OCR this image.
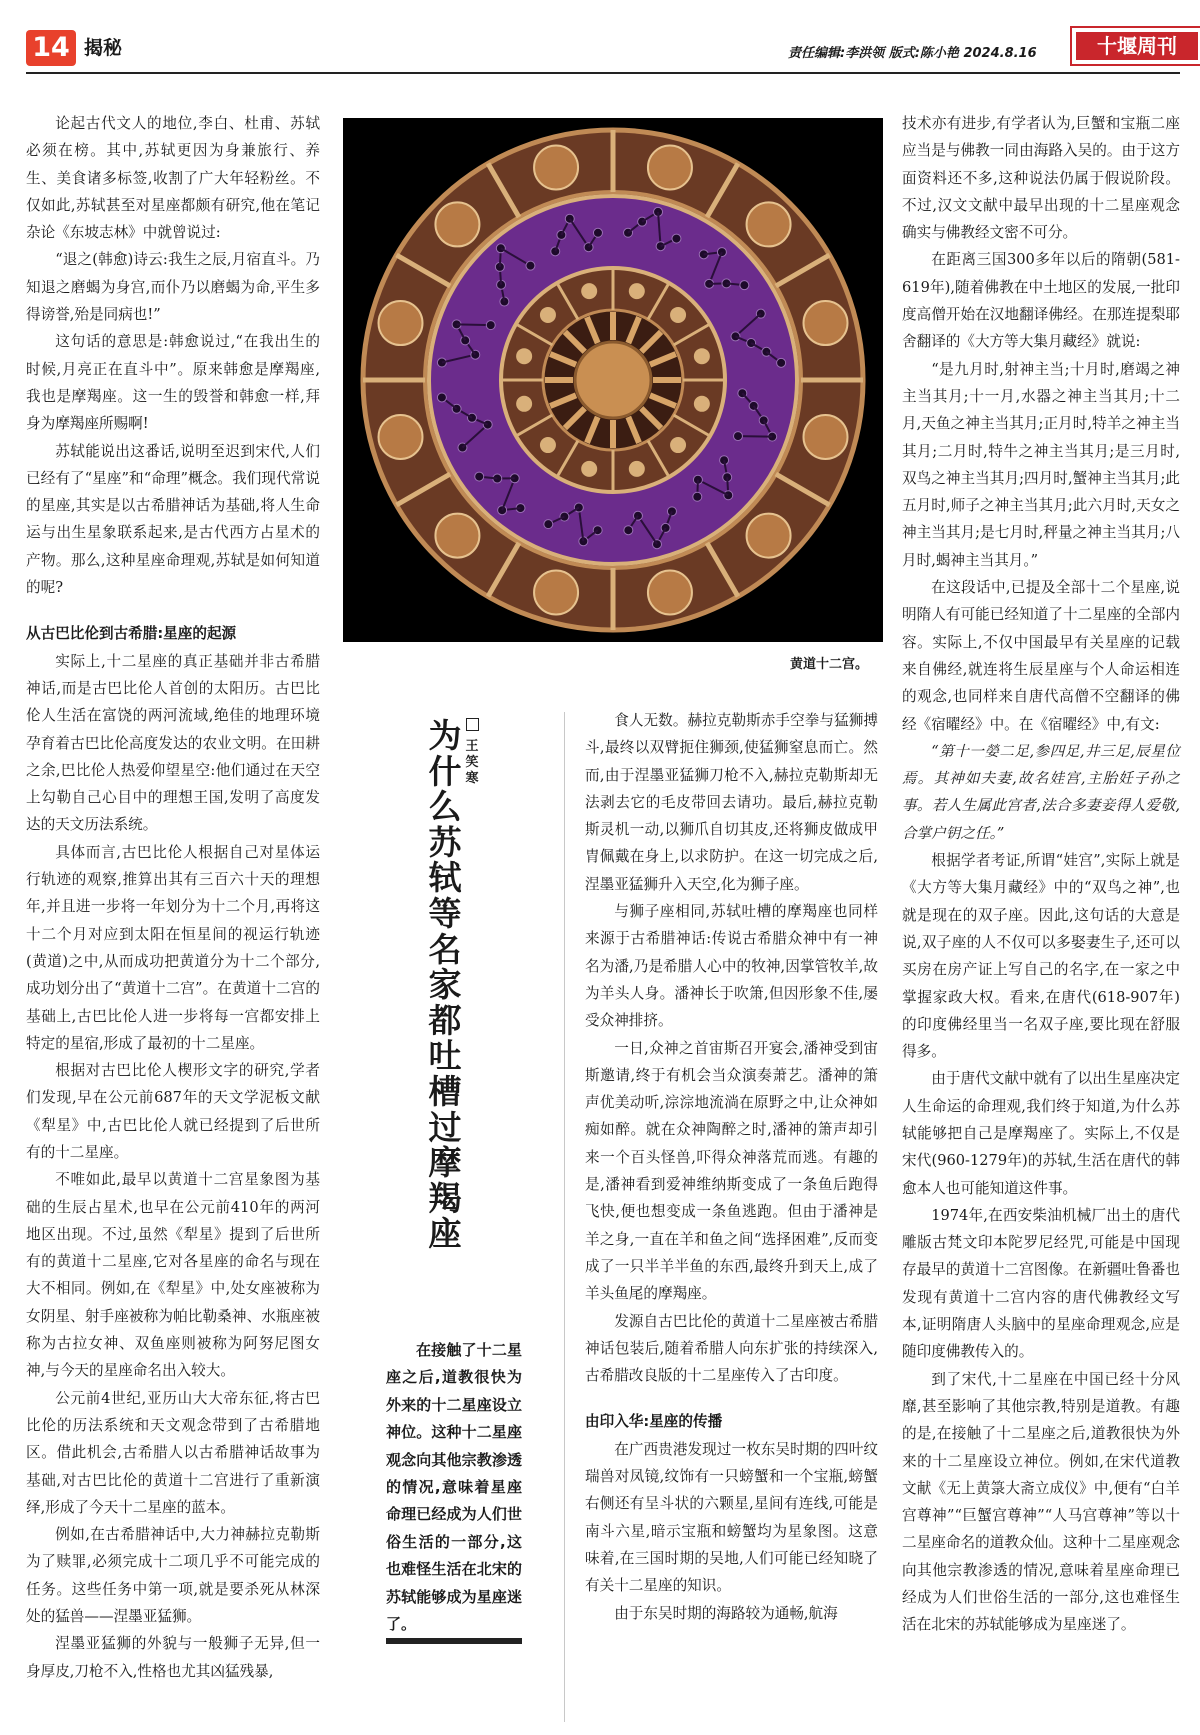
14 揭秘	责任编辑:李洪领 版式:陈小艳 2024.8.16	十堰周刊

论起古代文人的地位,李白、杜甫、苏轼必须在榜。其中,苏轼更因为身兼旅行、养生、美食诸多标签,收割了广大年轻粉丝。不仅如此,苏轼甚至对星座都颇有研究,他在笔记杂论《东坡志林》中就曾说过:

“退之(韩愈)诗云:我生之辰,月宿直斗。乃知退之磨蝎为身宫,而仆乃以磨蝎为命,平生多得谤誉,殆是同病也!”

这句话的意思是:韩愈说过,“在我出生的时候,月亮正在直斗中”。原来韩愈是摩羯座,我也是摩羯座。这一生的毁誉和韩愈一样,拜身为摩羯座所赐啊!

苏轼能说出这番话,说明至迟到宋代,人们已经有了“星座”和“命理”概念。我们现代常说的星座,其实是以古希腊神话为基础,将人生命运与出生星象联系起来,是古代西方占星术的产物。那么,这种星座命理观,苏轼是如何知道的呢?

从古巴比伦到古希腊:星座的起源

实际上,十二星座的真正基础并非古希腊神话,而是古巴比伦人首创的太阳历。古巴比伦人生活在富饶的两河流域,绝佳的地理环境孕育着古巴比伦高度发达的农业文明。在田耕之余,巴比伦人热爱仰望星空:他们通过在天空上勾勒自己心目中的理想王国,发明了高度发达的天文历法系统。

具体而言,古巴比伦人根据自己对星体运行轨迹的观察,推算出其有三百六十天的理想年,并且进一步将一年划分为十二个月,再将这十二个月对应到太阳在恒星间的视运行轨迹(黄道)之中,从而成功把黄道分为十二个部分,成功划分出了“黄道十二宫”。在黄道十二宫的基础上,古巴比伦人进一步将每一宫都安排上特定的星宿,形成了最初的十二星座。

根据对古巴比伦人楔形文字的研究,学者们发现,早在公元前687年的天文学泥板文献《犁星》中,古巴比伦人就已经提到了后世所有的十二星座。

不唯如此,最早以黄道十二宫星象图为基础的生辰占星术,也早在公元前410年的两河地区出现。不过,虽然《犁星》提到了后世所有的黄道十二星座,它对各星座的命名与现在大不相同。例如,在《犁星》中,处女座被称为女阴星、射手座被称为帕比勒桑神、水瓶座被称为古拉女神、双鱼座则被称为阿努尼图女神,与今天的星座命名出入较大。

公元前4世纪,亚历山大大帝东征,将古巴比伦的历法系统和天文观念带到了古希腊地区。借此机会,古希腊人以古希腊神话故事为基础,对古巴比伦的黄道十二宫进行了重新演绎,形成了今天十二星座的蓝本。

例如,在古希腊神话中,大力神赫拉克勒斯为了赎罪,必须完成十二项几乎不可能完成的任务。这些任务中第一项,就是要杀死从林深处的猛兽——涅墨亚猛狮。

涅墨亚猛狮的外貌与一般狮子无异,但一身厚皮,刀枪不入,性格也尤其凶猛残暴,

黄道十二宫。
为
什
么
苏
轼
等
名
家
都
吐
槽
过
摩
羯
座
王 笑 寒

在接触了十二星座之后,道教很快为外来的十二星座设立神位。这种十二星座观念向其他宗教渗透的情况,意味着星座命理已经成为人们世俗生活的一部分,这也难怪生活在北宋的苏轼能够成为星座迷了。

食人无数。赫拉克勒斯赤手空拳与猛狮搏斗,最终以双臂扼住狮颈,使猛狮窒息而亡。然而,由于涅墨亚猛狮刀枪不入,赫拉克勒斯却无法剥去它的毛皮带回去请功。最后,赫拉克勒斯灵机一动,以狮爪自切其皮,还将狮皮做成甲胄佩戴在身上,以求防护。在这一切完成之后,涅墨亚猛狮升入天空,化为狮子座。

与狮子座相同,苏轼吐槽的摩羯座也同样来源于古希腊神话:传说古希腊众神中有一神名为潘,乃是希腊人心中的牧神,因掌管牧羊,故为羊头人身。潘神长于吹箫,但因形象不佳,屡受众神排挤。

一日,众神之首宙斯召开宴会,潘神受到宙斯邀请,终于有机会当众演奏萧艺。潘神的箫声优美动听,淙淙地流淌在原野之中,让众神如痴如醉。就在众神陶醉之时,潘神的箫声却引来一个百头怪兽,吓得众神落荒而逃。有趣的是,潘神看到爱神维纳斯变成了一条鱼后跑得飞快,便也想变成一条鱼逃跑。但由于潘神是羊之身,一直在羊和鱼之间“选择困难”,反而变成了一只半羊半鱼的东西,最终升到天上,成了羊头鱼尾的摩羯座。

发源自古巴比伦的黄道十二星座被古希腊神话包装后,随着希腊人向东扩张的持续深入,古希腊改良版的十二星座传入了古印度。

由印入华:星座的传播

在广西贵港发现过一枚东吴时期的四叶纹瑞兽对凤镜,纹饰有一只螃蟹和一个宝瓶,螃蟹右侧还有呈斗状的六颗星,星间有连线,可能是南斗六星,暗示宝瓶和螃蟹均为星象图。这意味着,在三国时期的吴地,人们可能已经知晓了有关十二星座的知识。

由于东吴时期的海路较为通畅,航海

技术亦有进步,有学者认为,巨蟹和宝瓶二座应当是与佛教一同由海路入吴的。由于这方面资料还不多,这种说法仍属于假说阶段。不过,汉文文献中最早出现的十二星座观念确实与佛教经文密不可分。

在距离三国300多年以后的隋朝(581-619年),随着佛教在中土地区的发展,一批印度高僧开始在汉地翻译佛经。在那连提梨耶舍翻译的《大方等大集月藏经》就说:

“是九月时,射神主当;十月时,磨竭之神主当其月;十一月,水器之神主当其月;十二月,天鱼之神主当其月;正月时,特羊之神主当其月;二月时,特牛之神主当其月;是三月时,双鸟之神主当其月;四月时,蟹神主当其月;此五月时,师子之神主当其月;此六月时,天女之神主当其月;是七月时,秤量之神主当其月;八月时,蝎神主当其月。”

在这段话中,已提及全部十二个星座,说明隋人有可能已经知道了十二星座的全部内容。实际上,不仅中国最早有关星座的记载来自佛经,就连将生辰星座与个人命运相连的观念,也同样来自唐代高僧不空翻译的佛经《宿曜经》中。在《宿曜经》中,有文:

“第十一嫈二足,参四足,井三足,辰星位焉。其神如夫妻,故名娃宫,主胎妊子孙之事。若人生属此宫者,法合多妻妾得人爱敬,合掌户钥之任。”

根据学者考证,所谓“娃宫”,实际上就是《大方等大集月藏经》中的“双鸟之神”,也就是现在的双子座。因此,这句话的大意是说,双子座的人不仅可以多娶妻生子,还可以买房在房产证上写自己的名字,在一家之中掌握家政大权。看来,在唐代(618-907年)的印度佛经里当一名双子座,要比现在舒服得多。

由于唐代文献中就有了以出生星座决定人生命运的命理观,我们终于知道,为什么苏轼能够把自己是摩羯座了。实际上,不仅是宋代(960-1279年)的苏轼,生活在唐代的韩愈本人也可能知道这件事。

1974年,在西安柴油机械厂出土的唐代雕版古梵文印本陀罗尼经咒,可能是中国现存最早的黄道十二宫图像。在新疆吐鲁番也发现有黄道十二宫内容的唐代佛教经文写本,证明隋唐人头脑中的星座命理观念,应是随印度佛教传入的。

到了宋代,十二星座在中国已经十分风靡,甚至影响了其他宗教,特别是道教。有趣的是,在接触了十二星座之后,道教很快为外来的十二星座设立神位。例如,在宋代道教文献《无上黄箓大斋立成仪》中,便有“白羊宫尊神”“巨蟹宫尊神”“人马宫尊神”等以十二星座命名的道教众仙。这种十二星座观念向其他宗教渗透的情况,意味着星座命理已经成为人们世俗生活的一部分,这也难怪生活在北宋的苏轼能够成为星座迷了。
